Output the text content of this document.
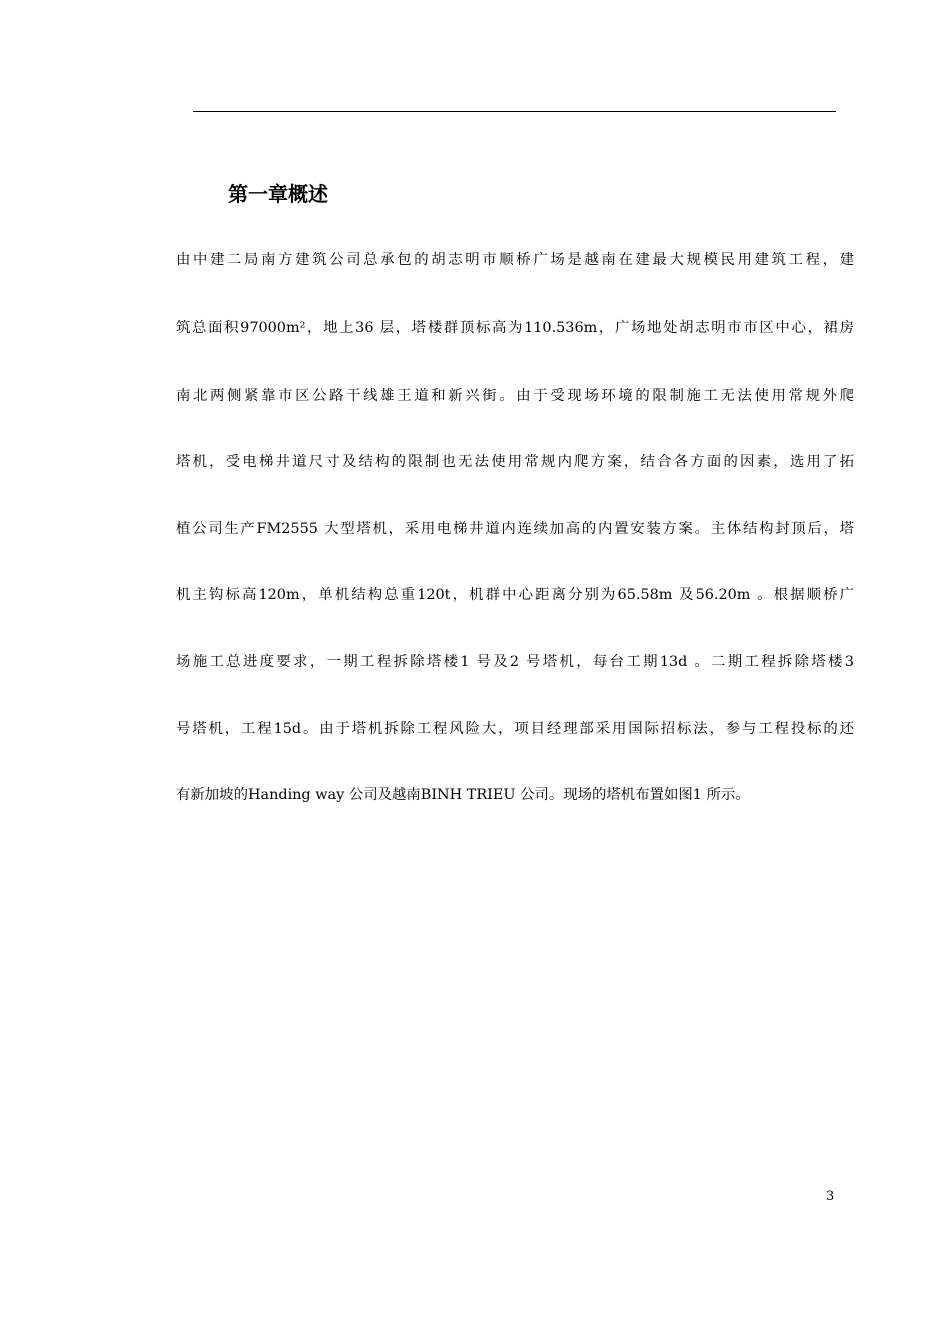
第一章概述
由中建二局南方建筑公司总承包的胡志明市顺桥广场是越南在建最大规模民用建筑工程，建
筑总面积97000m²，地上36 层，塔楼群顶标高为110.536m，广场地处胡志明市市区中心，裙房
南北两侧紧靠市区公路干线雄王道和新兴街。由于受现场环境的限制施工无法使用常规外爬
塔机，受电梯井道尺寸及结构的限制也无法使用常规内爬方案，结合各方面的因素，选用了拓
植公司生产FM2555 大型塔机，采用电梯井道内连续加高的内置安装方案。主体结构封顶后，塔
机主钩标高120m，单机结构总重120t，机群中心距离分别为65.58m 及56.20m 。根据顺桥广
场施工总进度要求，一期工程拆除塔楼1 号及2 号塔机，每台工期13d 。二期工程拆除塔楼3
号塔机，工程15d。由于塔机拆除工程风险大，项目经理部采用国际招标法，参与工程投标的还
有新加坡的Handing way 公司及越南BINH TRIEU 公司。现场的塔机布置如图1 所示。
3
